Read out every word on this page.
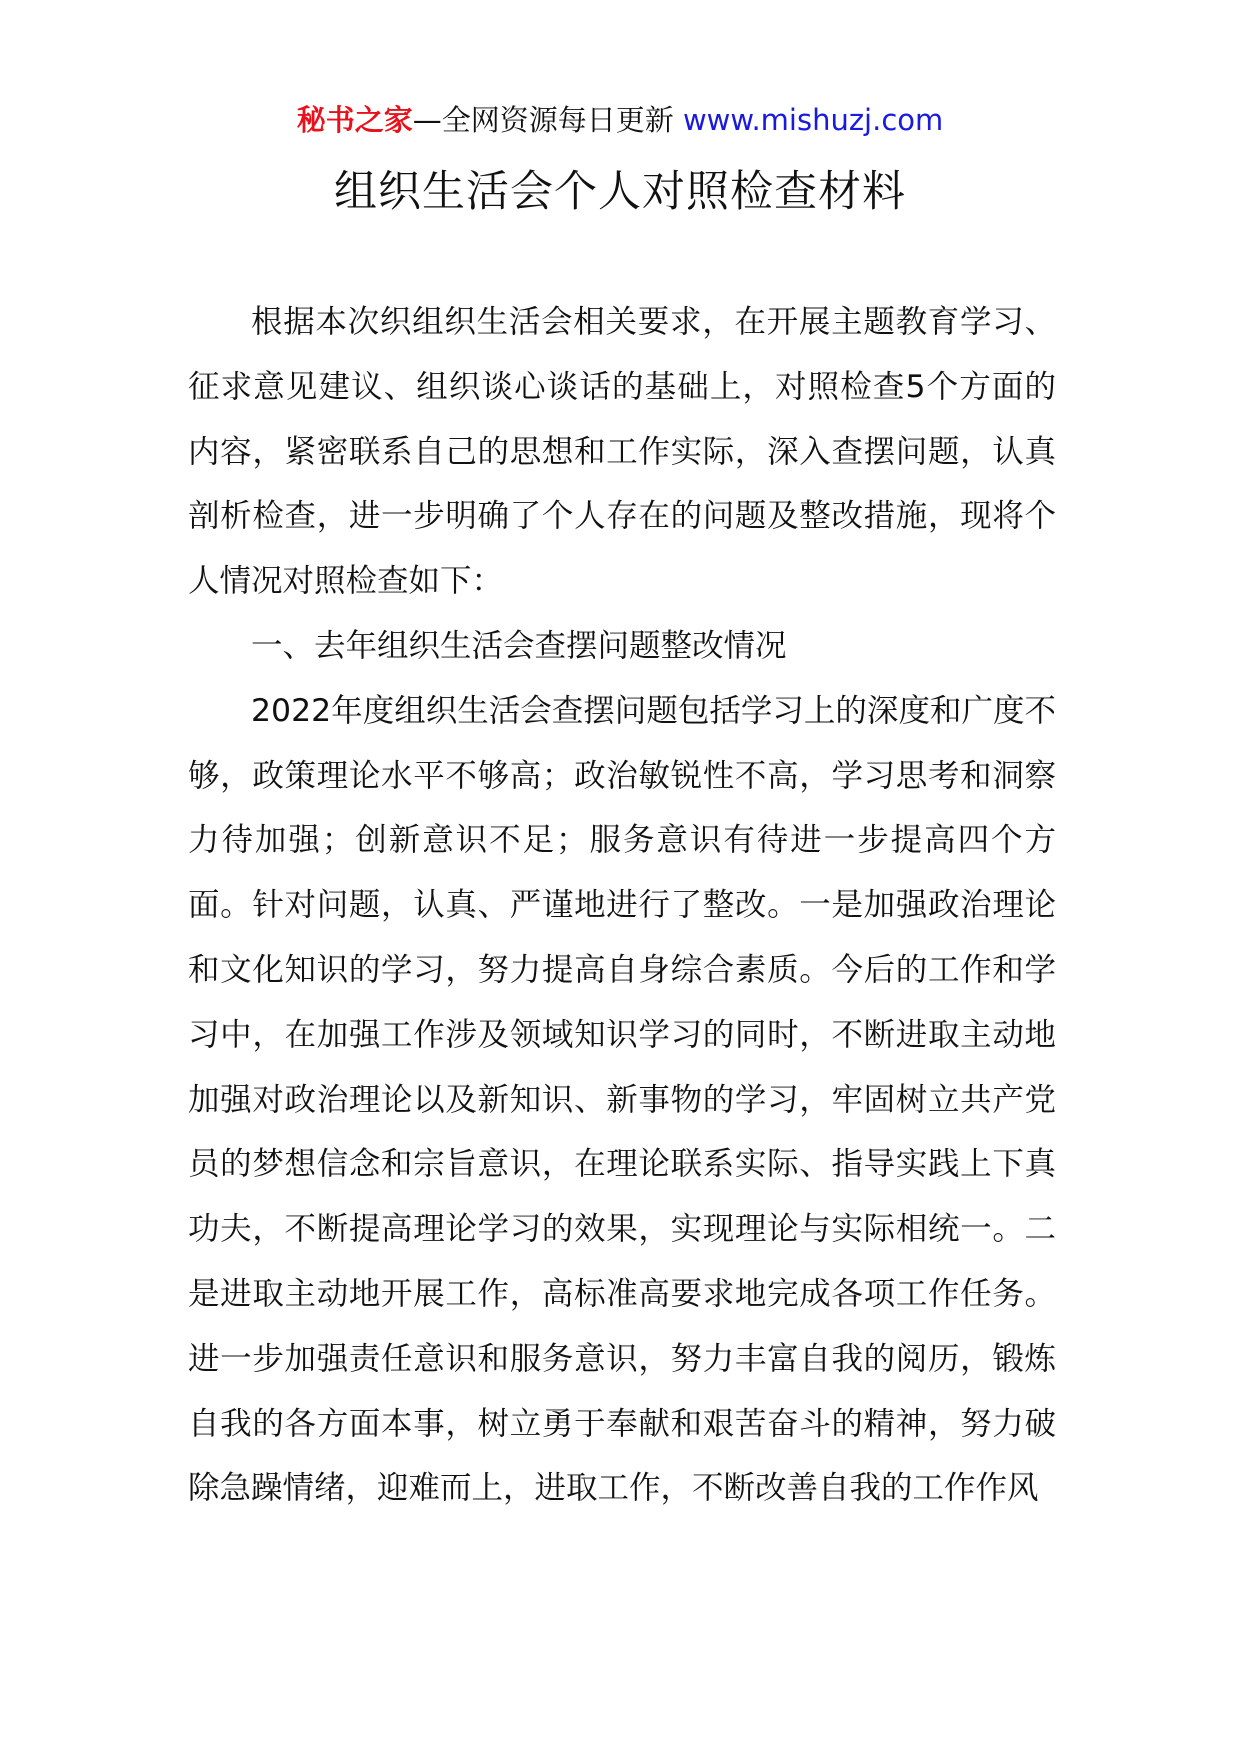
秘书之家—全网资源每日更新 www.mishuzj.com
组织生活会个人对照检查材料

根据本次织组织生活会相关要求，在开展主题教育学习、征求意见建议、组织谈心谈话的基础上，对照检查5个方面的内容，紧密联系自己的思想和工作实际，深入查摆问题，认真剖析检查，进一步明确了个人存在的问题及整改措施，现将个人情况对照检查如下：

一、去年组织生活会查摆问题整改情况

2022年度组织生活会查摆问题包括学习上的深度和广度不够，政策理论水平不够高；政治敏锐性不高，学习思考和洞察力待加强；创新意识不足；服务意识有待进一步提高四个方面。针对问题，认真、严谨地进行了整改。一是加强政治理论和文化知识的学习，努力提高自身综合素质。今后的工作和学习中，在加强工作涉及领域知识学习的同时，不断进取主动地加强对政治理论以及新知识、新事物的学习，牢固树立共产党员的梦想信念和宗旨意识，在理论联系实际、指导实践上下真功夫，不断提高理论学习的效果，实现理论与实际相统一。二是进取主动地开展工作，高标准高要求地完成各项工作任务。进一步加强责任意识和服务意识，努力丰富自我的阅历，锻炼自我的各方面本事，树立勇于奉献和艰苦奋斗的精神，努力破除急躁情绪，迎难而上，进取工作，不断改善自我的工作作风
